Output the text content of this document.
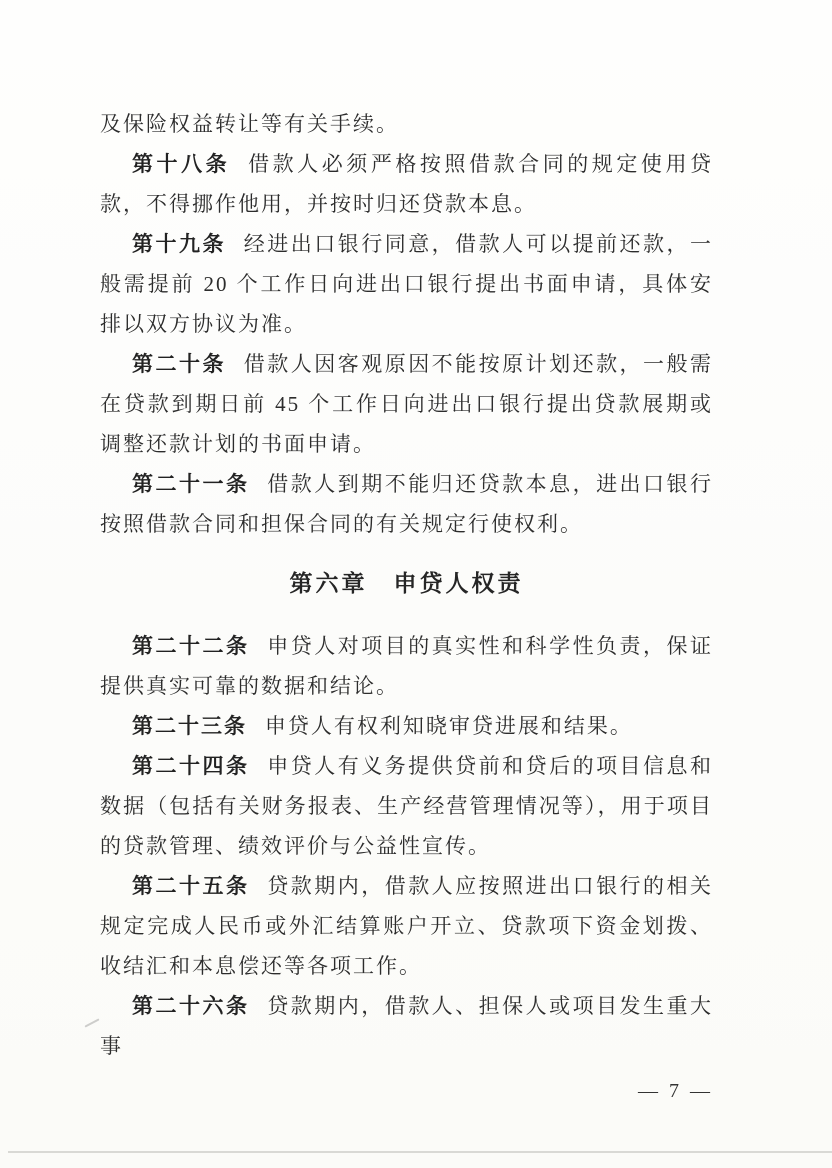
及保险权益转让等有关手续。

第十八条 借款人必须严格按照借款合同的规定使用贷款，不得挪作他用，并按时归还贷款本息。

第十九条 经进出口银行同意，借款人可以提前还款，一般需提前 20 个工作日向进出口银行提出书面申请，具体安排以双方协议为准。

第二十条 借款人因客观原因不能按原计划还款，一般需在贷款到期日前 45 个工作日向进出口银行提出贷款展期或调整还款计划的书面申请。

第二十一条 借款人到期不能归还贷款本息，进出口银行按照借款合同和担保合同的有关规定行使权利。

第六章　申贷人权责

第二十二条 申贷人对项目的真实性和科学性负责，保证提供真实可靠的数据和结论。

第二十三条 申贷人有权利知晓审贷进展和结果。

第二十四条 申贷人有义务提供贷前和贷后的项目信息和数据（包括有关财务报表、生产经营管理情况等），用于项目的贷款管理、绩效评价与公益性宣传。

第二十五条 贷款期内，借款人应按照进出口银行的相关规定完成人民币或外汇结算账户开立、贷款项下资金划拨、收结汇和本息偿还等各项工作。

第二十六条 贷款期内，借款人、担保人或项目发生重大事

— 7 —
